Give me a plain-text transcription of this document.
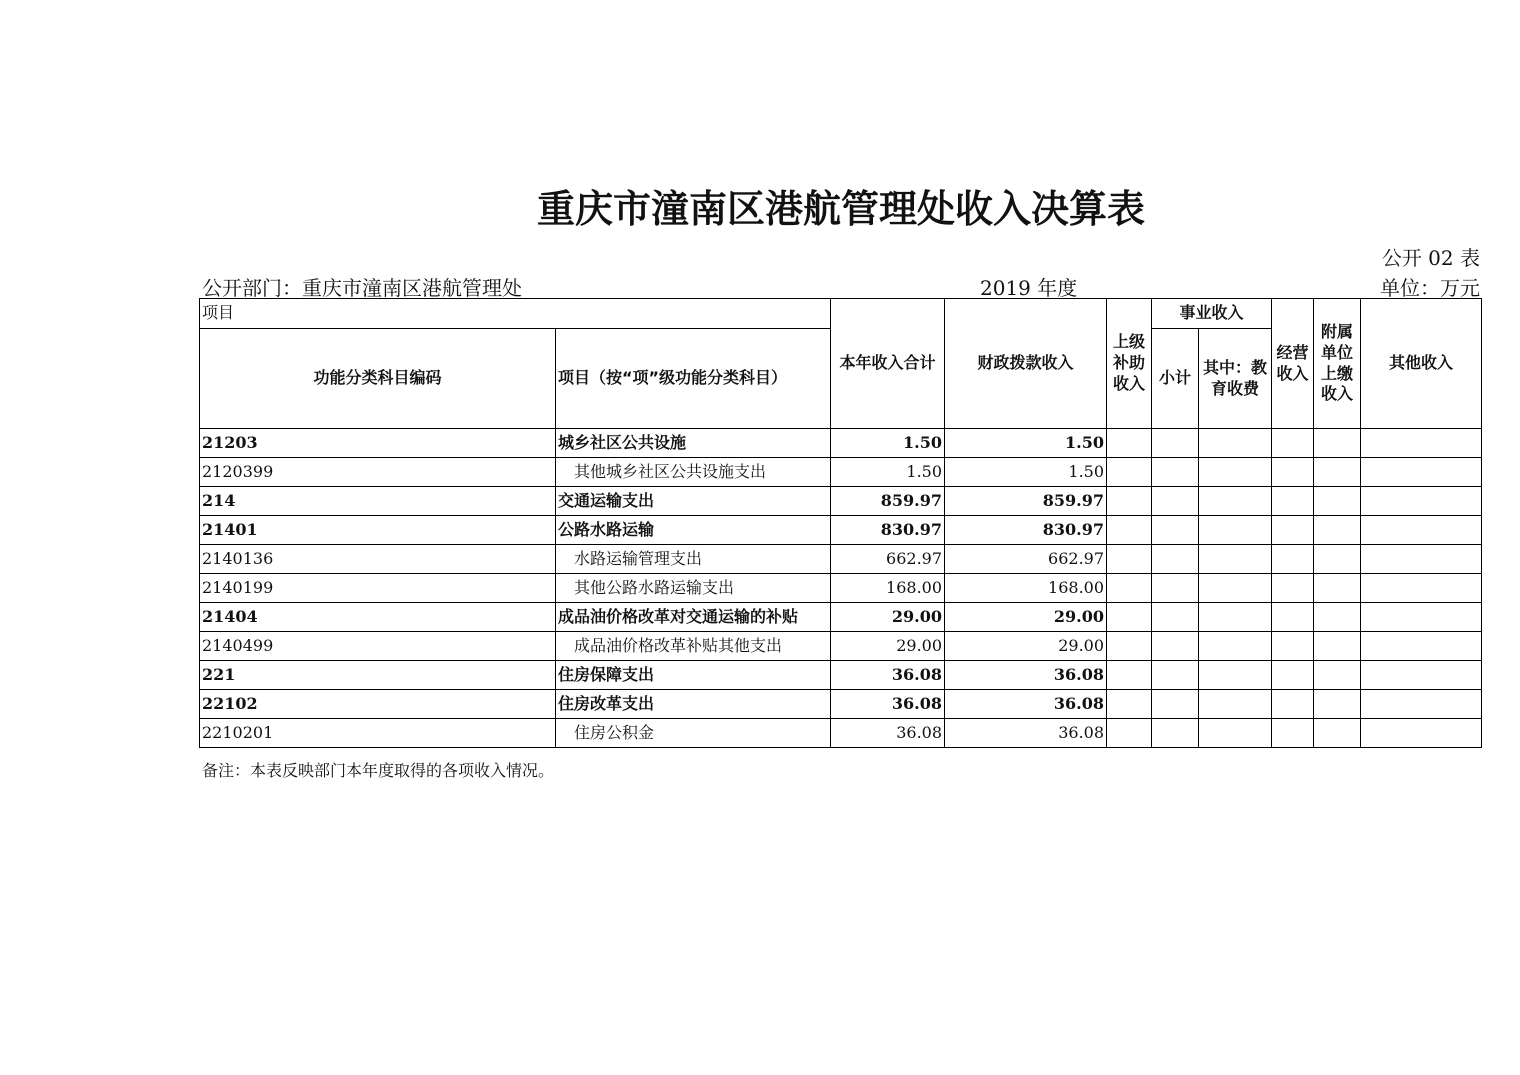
重庆市潼南区港航管理处收入决算表
公开 02 表
公开部门：重庆市潼南区港航管理处	2019 年度	单位：万元
项目		本年收入合计	财政拨款收入	上级补助收入	事业收入		经营收入	附属单位上缴收入	其他收入
功能分类科目编码	项目（按“项”级功能分类科目）				小计	其中：教育收费			

21203	城乡社区公共设施	1.50	1.50						
2120399	其他城乡社区公共设施支出	1.50	1.50						
214	交通运输支出	859.97	859.97						
21401	公路水路运输	830.97	830.97						
2140136	水路运输管理支出	662.97	662.97						
2140199	其他公路水路运输支出	168.00	168.00						
21404	成品油价格改革对交通运输的补贴	29.00	29.00						
2140499	成品油价格改革补贴其他支出	29.00	29.00						
221	住房保障支出	36.08	36.08						
22102	住房改革支出	36.08	36.08						
2210201	住房公积金	36.08	36.08						
备注：本表反映部门本年度取得的各项收入情况。
